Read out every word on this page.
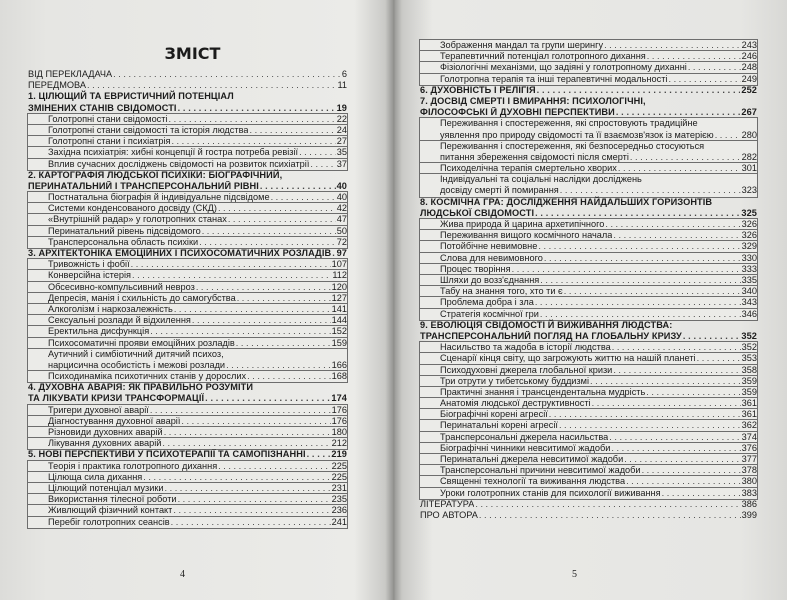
ЗМІСТ
ВІД ПЕРЕКЛАДАЧА . . .	6
ПЕРЕДМОВА . . .	11
1. ЦІЛЮЩИЙ ТА ЕВРИСТИЧНИЙ ПОТЕНЦІАЛ
ЗМІНЕНИХ СТАНІВ СВІДОМОСТІ . . .	19
Голотропні стани свідомості . . .	22
Голотропні стани свідомості та історія людства . . .	24
Голотропні стани і психіатрія . . .	27
Західна психіатрія: хибні концепції й гостра потреба ревізії . . .	35
Вплив сучасних досліджень свідомості на розвиток психіатрії . . .	37
2. КАРТОГРАФІЯ ЛЮДСЬКОЇ ПСИХІКИ: БІОГРАФІЧНИЙ,
ПЕРИНАТАЛЬНИЙ І ТРАНСПЕРСОНАЛЬНИЙ РІВНІ . . .	40
Постнатальна біографія й індивідуальне підсвідоме . . .	40
Системи конденсованого досвіду (СКД) . . .	42
«Внутрішній радар» у голотропних станах . . .	47
Перинатальний рівень підсвідомого . . .	50
Трансперсональна область психіки . . .	72
3. АРХІТЕКТОНІКА ЕМОЦІЙНИХ І ПСИХОСОМАТИЧНИХ РОЗЛАДІВ . . . 97
Тривожність і фобії . . .	107
Конверсійна істерія . . .	112
Обсесивно-компульсивний невроз . . .	120
Депресія, манія і схильність до самогубства . . .	127
Алкоголізм і наркозалежність . . .	141
Сексуальні розлади й відхилення . . .	144
Еректильна дисфункція . . .	152
Психосоматичні прояви емоційних розладів . . .	159
Аутичний і симбіотичний дитячий психоз,
нарцисична особистість і межові розлади . . .	166
Психодинаміка психотичних станів у дорослих . . .	168
4. ДУХОВНА АВАРІЯ: ЯК ПРАВИЛЬНО РОЗУМІТИ
ТА ЛІКУВАТИ КРИЗИ ТРАНСФОРМАЦІЇ . . .	174
Тригери духовної аварії . . .	176
Діагностування духовної аварії . . .	176
Різновиди духовних аварій . . .	180
Лікування духовних аварій . . .	212
5. НОВІ ПЕРСПЕКТИВИ У ПСИХОТЕРАПІЇ ТА САМОПІЗНАННІ . . .	219
Теорія і практика голотропного дихання . . .	225
Цілюща сила дихання . . .	225
Цілющий потенціал музики . . .	231
Використання тілесної роботи . . .	235
Живлющий фізичний контакт . . .	236
Перебіг голотропних сеансів . . .	241
4
Зображення мандал та групи шерингу . . .	243
Терапевтичний потенціал голотропного дихання . . .	246
Фізіологічні механізми, що задіяні у голотропному диханні . . .	248
Голотропна терапія та інші терапевтичні модальності . . .	249
6. ДУХОВНІСТЬ І РЕЛІГІЯ . . .	252
7. ДОСВІД СМЕРТІ І ВМИРАННЯ: ПСИХОЛОГІЧНІ,
ФІЛОСОФСЬКІ Й ДУХОВНІ ПЕРСПЕКТИВИ . . .	267
Переживання і спостереження, які спростовують традиційне
уявлення про природу свідомості та її взаємозв'язок із матерією . . .	280
Переживання і спостереження, які безпосередньо стосуються
питання збереження свідомості після смерті . . .	282
Психоделічна терапія смертельно хворих . . .	301
Індивідуальні та соціальні наслідки досліджень
досвіду смерті й помирання . . .	323
8. КОСМІЧНА ГРА: ДОСЛІДЖЕННЯ НАЙДАЛЬШИХ ГОРИЗОНТІВ
ЛЮДСЬКОЇ СВІДОМОСТІ . . .	325
Жива природа й царина архетипічного . . .	326
Переживання вищого космічного начала . . .	326
Потойбічне невимовне . . .	329
Слова для невимовного . . .	330
Процес творіння . . .	333
Шляхи до возз'єднання . . .	335
Табу на знання того, хто ти є . . .	340
Проблема добра і зла . . .	343
Стратегія космічної гри . . .	346
9. ЕВОЛЮЦІЯ СВІДОМОСТІ Й ВИЖИВАННЯ ЛЮДСТВА:
ТРАНСПЕРСОНАЛЬНИЙ ПОГЛЯД НА ГЛОБАЛЬНУ КРИЗУ . . .	352
Насильство та жадоба в історії людства . . .	352
Сценарії кінця світу, що загрожують життю на нашій планеті . . .	353
Психодуховні джерела глобальної кризи . . .	358
Три отрути у тибетському буддизмі . . .	359
Практичні знання і трансцендентальна мудрість . . .	359
Анатомія людської деструктивності . . .	361
Біографічні корені агресії . . .	361
Перинатальні корені агресії . . .	362
Трансперсональні джерела насильства . . .	374
Біографічні чинники невситимої жадоби . . .	376
Перинатальні джерела невситимої жадоби . . .	377
Трансперсональні причини невситимої жадоби . . .	378
Священні технології та виживання людства . . .	380
Уроки голотропних станів для психології виживання . . .	383
ЛІТЕРАТУРА . . .	386
ПРО АВТОРА . . .	399
5
